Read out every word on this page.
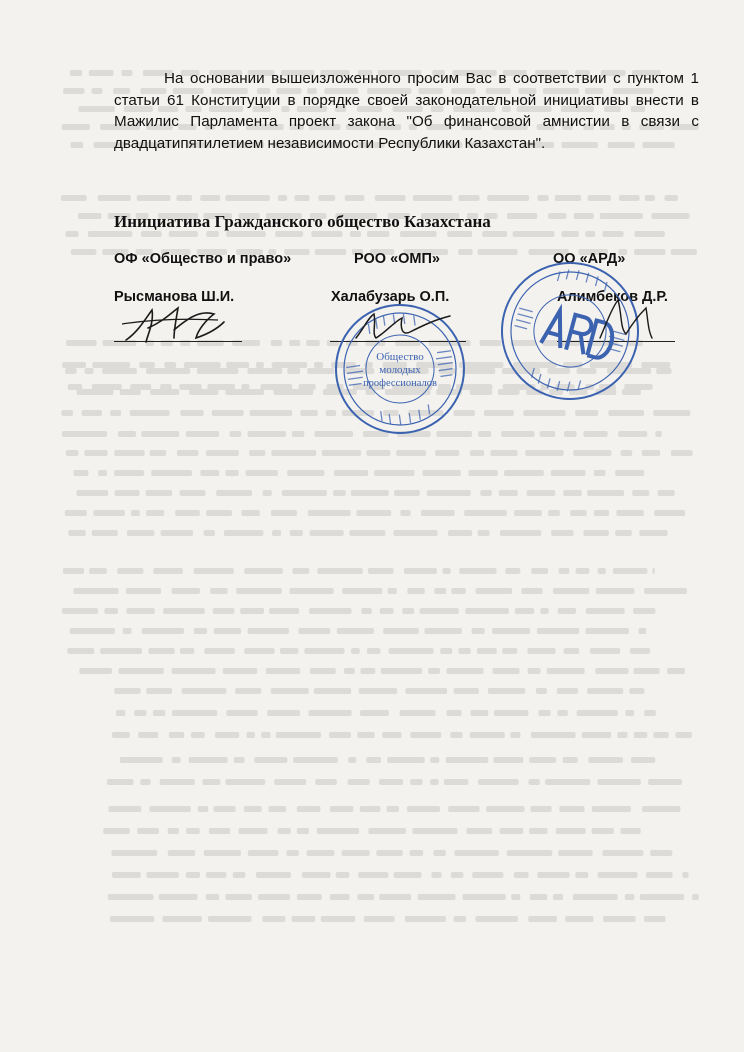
На основании вышеизложенного просим Вас в соответствии с пунктом 1 статьи 61 Конституции в порядке своей законодательной инициативы внести в Мажилис Парламента проект закона "Об финансовой амнистии в связи с двадцатипятилетием независимости Республики Казахстан".
Инициатива Гражданского общество Казахстана
ОФ «Общество и право»	РОО «ОМП»	ОО «АРД»
Рысманова Ш.И.	Халабузарь О.П.	Алимбеков Д.Р.
Общество
молодых
профессионалов
